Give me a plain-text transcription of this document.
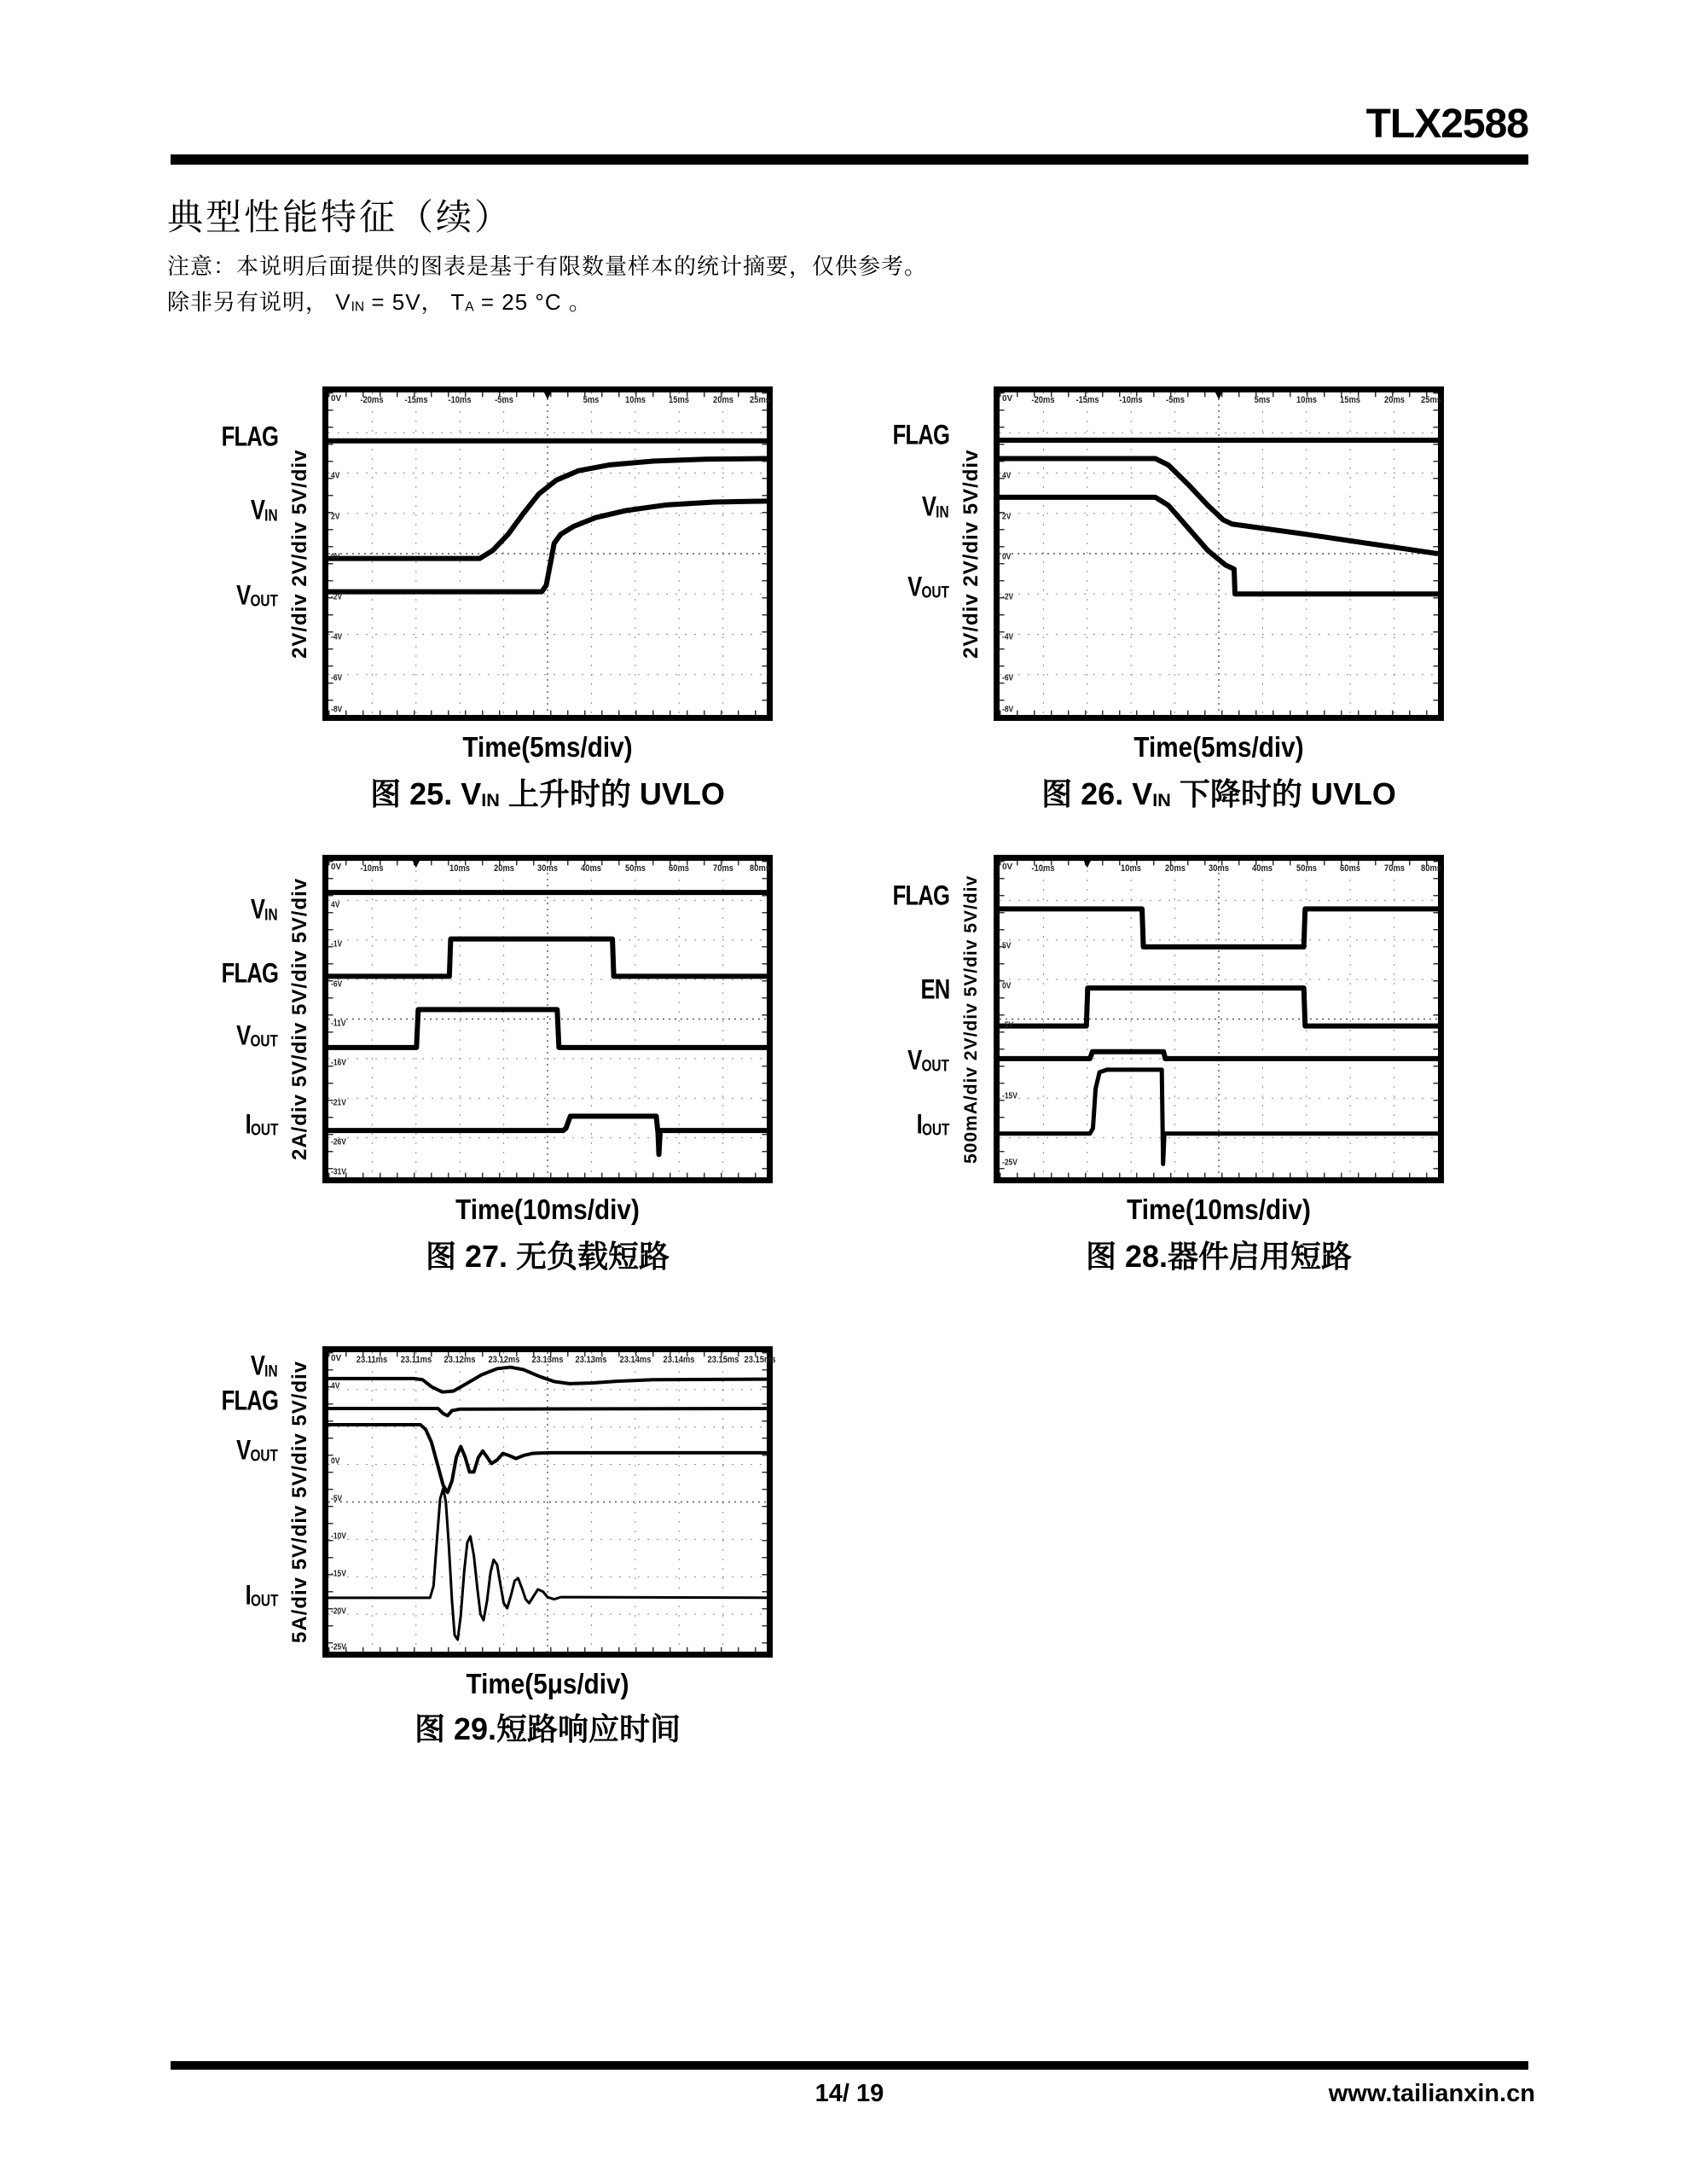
TLX2588
典型性能特征（续）
注意：本说明后面提供的图表是基于有限数量样本的统计摘要，仅供参考。
除非另有说明， $V_{IN} = 5V$， $T_A = 25$ °C 。
FLAG
$V_{IN}$
$V_{OUT}$ 2V/div 2V/div 5V/div
0V	▼
-20ms -15ms -10ms -5ms	5ms	10ms 15ms 20ms 25ms
4V
2V
0V
-2V
-4V
-6V
-8V
Time(5ms/div)
图 25. $V_{IN}$ 上升时的 UVLO
FLAG
$V_{IN}$
$V_{OUT}$ 2V/div 2V/div 5V/div
0V	▼
-20ms -15ms -10ms -5ms	5ms	10ms 15ms 20ms 25ms
4V
2V
0V
-2V
-4V
-6V
-8V
Time(5ms/div)
图 26. $V_{IN}$ 下降时的 UVLO
$V_{IN}$
FLAG
$V_{OUT}$
$I_{OUT}$ 2A/div 5V/div 5V/div 5V/div
0V	▼
-10ms	10ms 20ms 30ms 40ms 50ms 60ms 70ms 80ms
4V
-1V
-6V
-11V
-16V
-21V
-26V
-31V
Time(10ms/div)
图 27. 无负载短路
FLAG
EN
$V_{OUT}$
$I_{OUT}$ 500mA/div 2V/div 5V/div 5V/div
0V	▼
-10ms	10ms 20ms 30ms 40ms 50ms 60ms 70ms 80ms
5V
0V
-5V
-15V
-25V
Time(10ms/div)
图 28.器件启用短路
$V_{IN}$
FLAG
$V_{OUT}$
$I_{OUT}$ 5A/div 5V/div 5V/div 5V/div
0V 23.11ms 23.11ms 23.12ms 23.12ms 23.13ms 23.13ms 23.14ms 23.14ms 23.15ms 23.15ms
4V
0V
-5V
-10V
-15V
-20V
-25V
Time(5μs/div)
图 29.短路响应时间
14/ 19	www.tailianxin.cn
